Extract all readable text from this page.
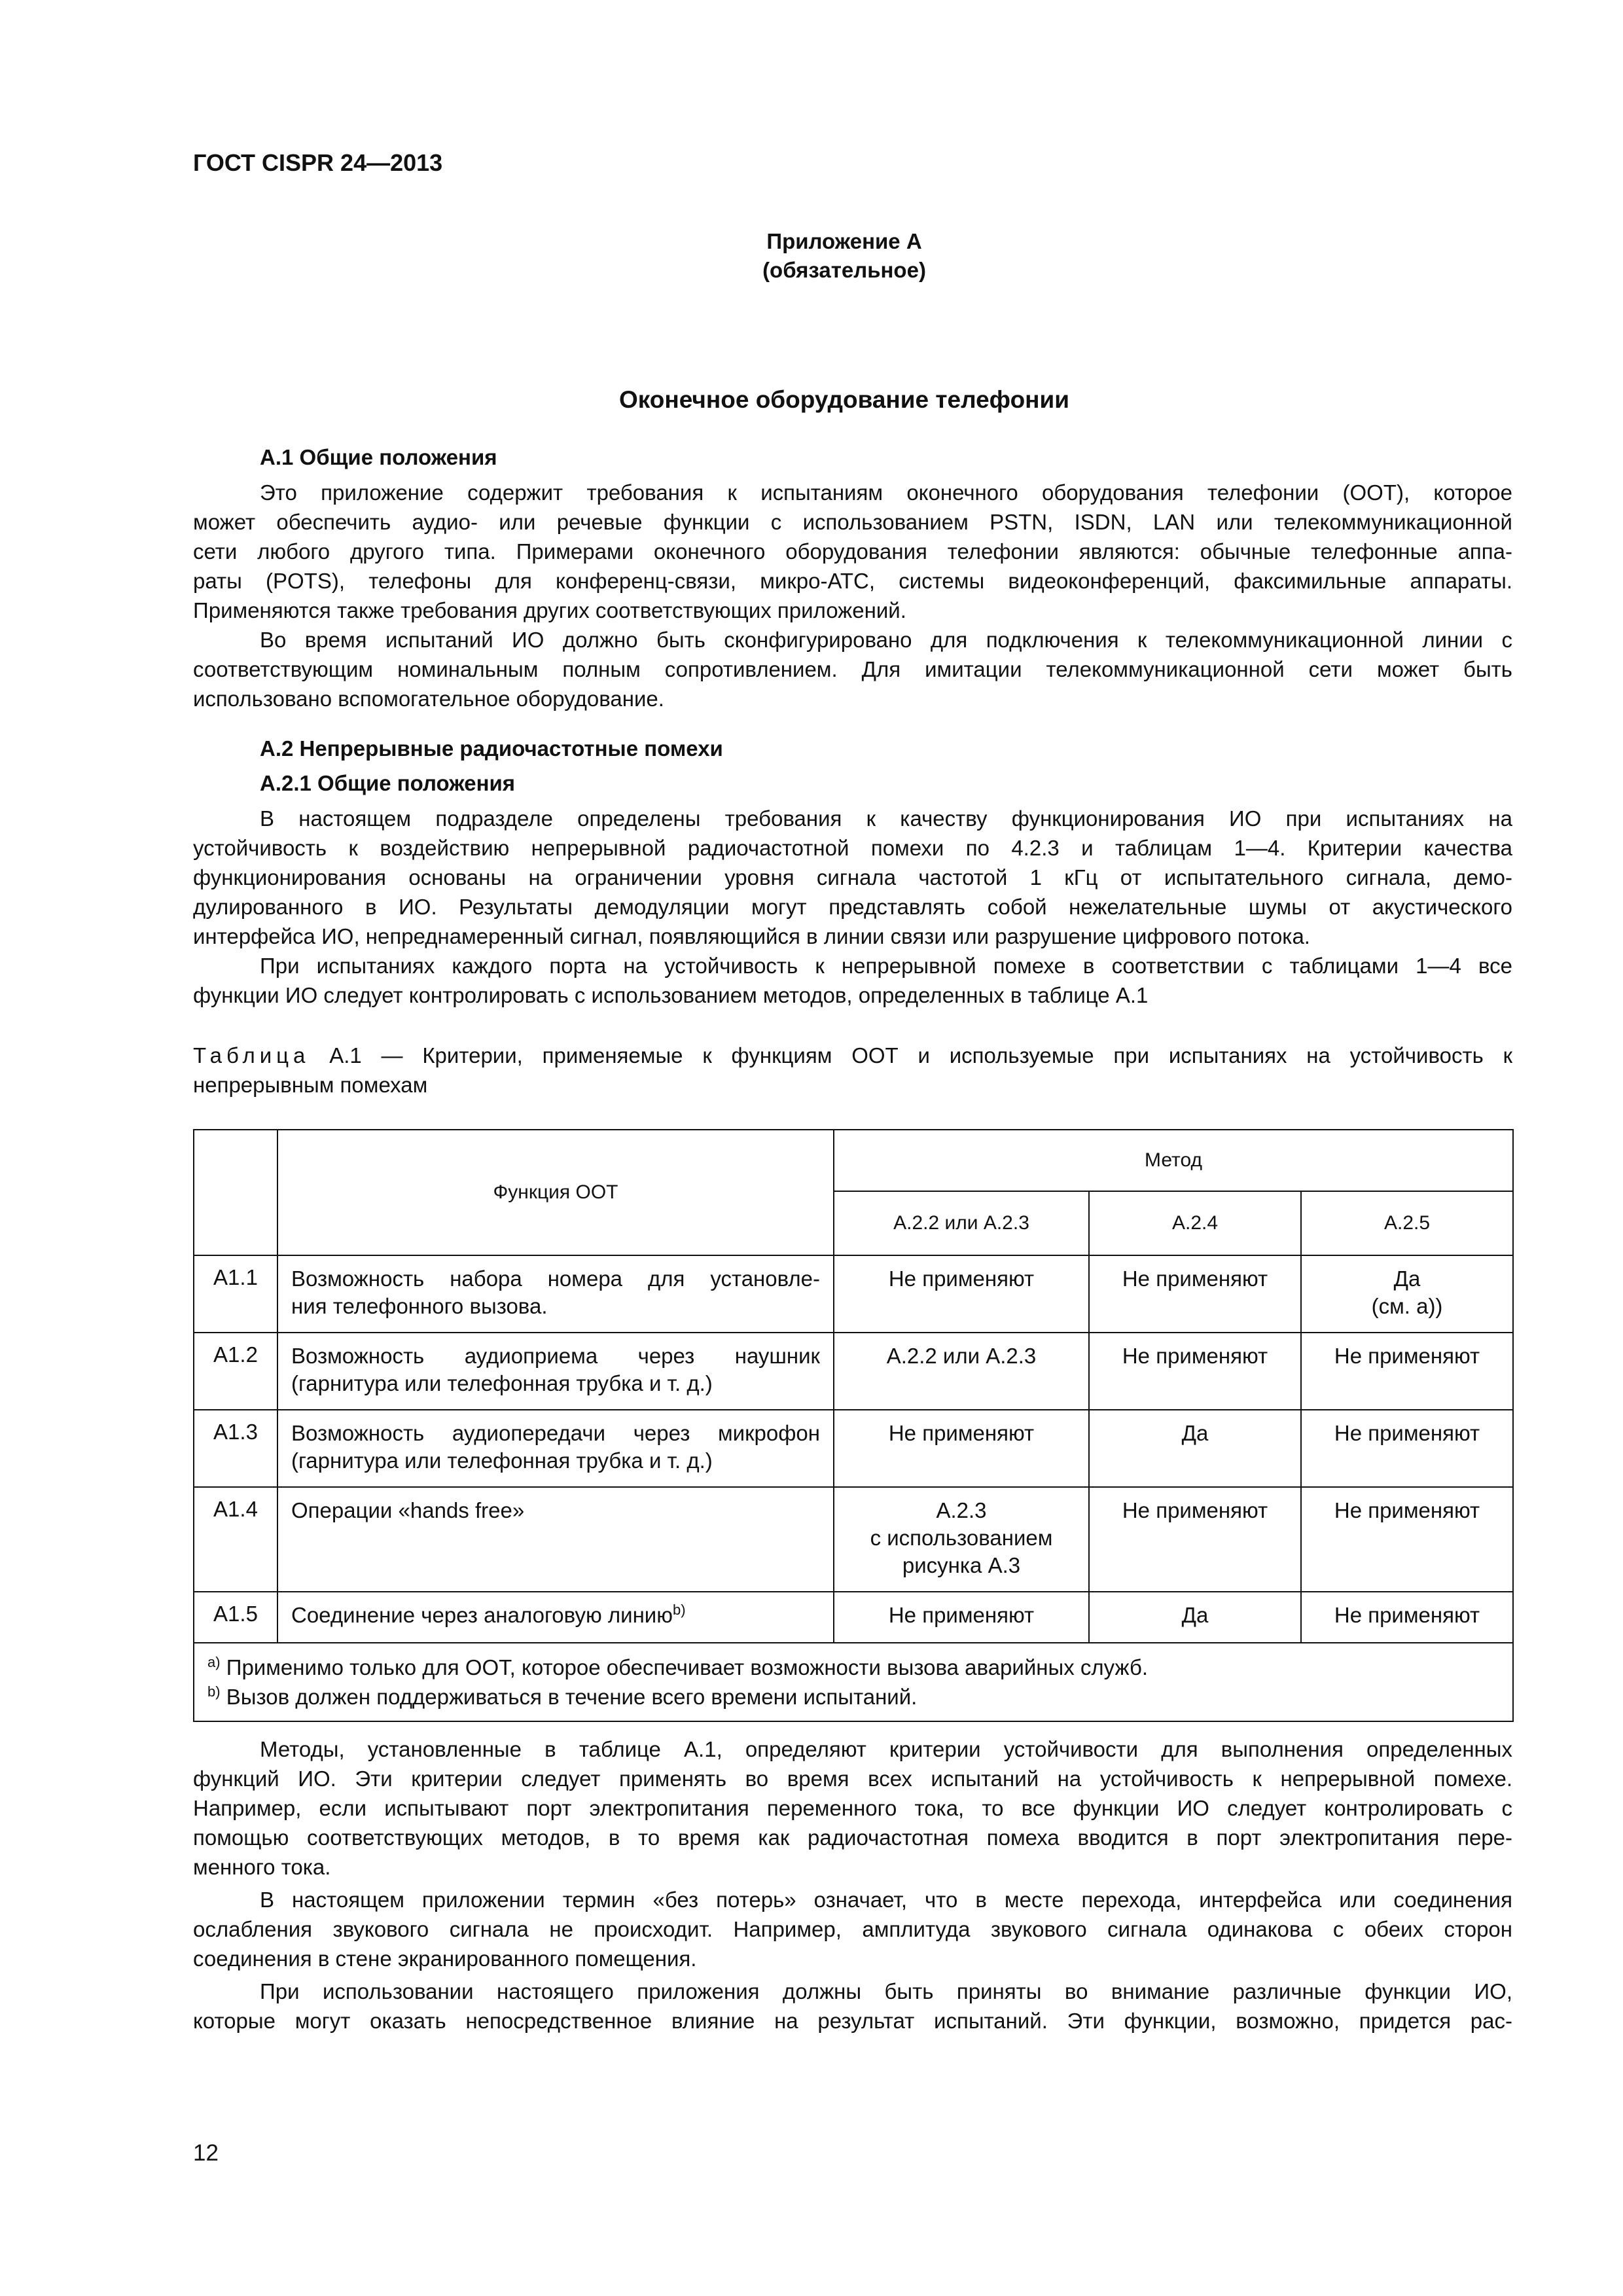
ГОСТ CISPR 24—2013
Приложение А
(обязательное)
Оконечное оборудование телефонии
А.1 Общие положения
Это приложение содержит требования к испытаниям оконечного оборудования телефонии (ООТ), которое
может обеспечить аудио- или речевые функции с использованием PSTN, ISDN, LAN или телекоммуникационной
сети любого другого типа. Примерами оконечного оборудования телефонии являются: обычные телефонные аппа-
раты (POTS), телефоны для конференц-связи, микро-АТС, системы видеоконференций, факсимильные аппараты.
Применяются также требования других соответствующих приложений.
Во время испытаний ИО должно быть сконфигурировано для подключения к телекоммуникационной линии с
соответствующим номинальным полным сопротивлением. Для имитации телекоммуникационной сети может быть
использовано вспомогательное оборудование.
А.2 Непрерывные радиочастотные помехи
А.2.1 Общие положения
В настоящем подразделе определены требования к качеству функционирования ИО при испытаниях на
устойчивость к воздействию непрерывной радиочастотной помехи по 4.2.3 и таблицам 1—4. Критерии качества
функционирования основаны на ограничении уровня сигнала частотой 1 кГц от испытательного сигнала, демо-
дулированного в ИО. Результаты демодуляции могут представлять собой нежелательные шумы от акустического
интерфейса ИО, непреднамеренный сигнал, появляющийся в линии связи или разрушение цифрового потока.
При испытаниях каждого порта на устойчивость к непрерывной помехе в соответствии с таблицами 1—4 все
функции ИО следует контролировать с использованием методов, определенных в таблице А.1
Таблица А.1 — Критерии, применяемые к функциям ООТ и используемые при испытаниях на устойчивость к
непрерывным помехам
	Функция ООТ	Метод		
		А.2.2 или А.2.3	А.2.4	А.2.5
А1.1	Возможность набора номера для установле-
ния телефонного вызова.	Не применяют	Не применяют	Да
(см. а))

А1.2	Возможность аудиоприема через наушник
(гарнитура или телефонная трубка и т. д.)	А.2.2 или А.2.3	Не применяют	Не применяют

А1.3	Возможность аудиопередачи через микрофон
(гарнитура или телефонная трубка и т. д.)	Не применяют	Да	Не применяют

А1.4	Операции «hands free»	А.2.3
с использованием
рисунка А.3	Не применяют	Не применяют

А1.5	Соединение через аналоговую линию$^{b)}$	Не применяют	Да	Не применяют

$^{a)}$ Применимо только для ООТ, которое обеспечивает возможности вызова аварийных служб.
$^{b)}$ Вызов должен поддерживаться в течение всего времени испытаний.				
Методы, установленные в таблице А.1, определяют критерии устойчивости для выполнения определенных
функций ИО. Эти критерии следует применять во время всех испытаний на устойчивость к непрерывной помехе.
Например, если испытывают порт электропитания переменного тока, то все функции ИО следует контролировать с
помощью соответствующих методов, в то время как радиочастотная помеха вводится в порт электропитания пере-
менного тока.
В настоящем приложении термин «без потерь» означает, что в месте перехода, интерфейса или соединения
ослабления звукового сигнала не происходит. Например, амплитуда звукового сигнала одинакова с обеих сторон
соединения в стене экранированного помещения.
При использовании настоящего приложения должны быть приняты во внимание различные функции ИО,
которые могут оказать непосредственное влияние на результат испытаний. Эти функции, возможно, придется рас-
12
